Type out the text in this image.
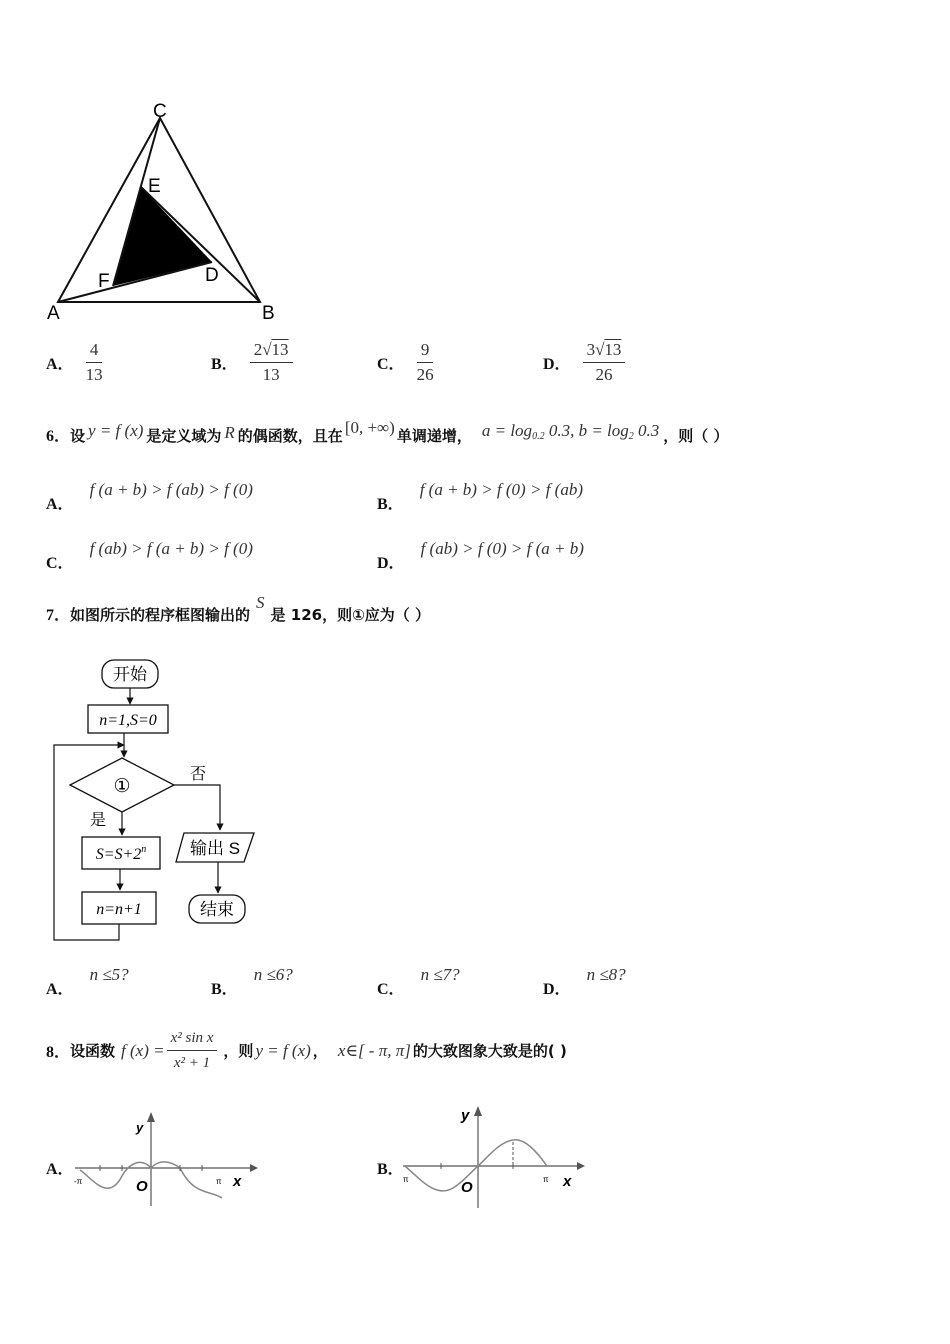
C
E
F	D
A	B
A． $\frac{4}{13}$	B． $\frac{2√13}{13}$	C． $\frac{9}{26}$	D． $\frac{3√13}{26}$
6． 设 y = f (x) 是定义域为 R 的偶函数，且在 [0, +∞) 单调递增， $a = \log_{0.2} 0.3$, $b = \log_2 0.3$ ，则（ ）
A． f (a + b) > f (ab) > f (0)
B． f (a + b) > f (0) > f (ab)
C． f (ab) > f (a + b) > f (0)
D． f (ab) > f (0) > f (a + b)
7． 如图所示的程序框图输出的
S
是 126，则①应为（ ）
开始
n=1,S=0
①
否
输出 S
结束
是
$S=S+2^n$
n=n+1
A． n ≤5?
B． n ≤6?
C． n ≤7?
D． n ≤8?
8． 设函数 f $(x) = \frac{\text{x² sin x}}{\text{x² + 1}}$ ，则 y = f (x) ， x∈[ - π, π] 的大致图象大致是的( )
A．
y
O	x
-π	π
B．
y
O	x
π	π
